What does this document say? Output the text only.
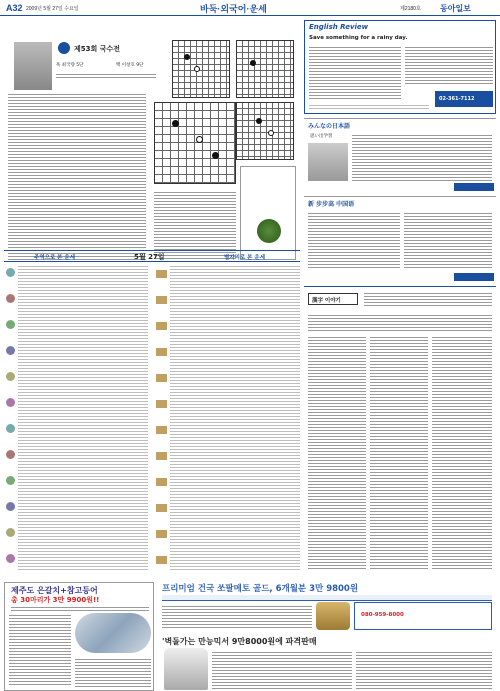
A32 2009년 5월 27일 수요일	바둑·외국어·운세	제2180호 동아일보
제53회 국수전
흑 최국량 5단	백 이창호 9단
주역으로 본 운세	5월 27일	별자리로 본 운세
English Review
Save something for a rainy day.
02-361-7112
みんなの日本語
思い出学習
新 步步高 中国语
漢字 이야기
제주도 은갈치+참고등어
총 30마리가 3만 9900원!!
프리미엄 건국 쏘팔메토 골드, 6개월분 3만 9800원
080-959-8000
'벽돌가는 만능믹서 9만8000원에 파격판매
